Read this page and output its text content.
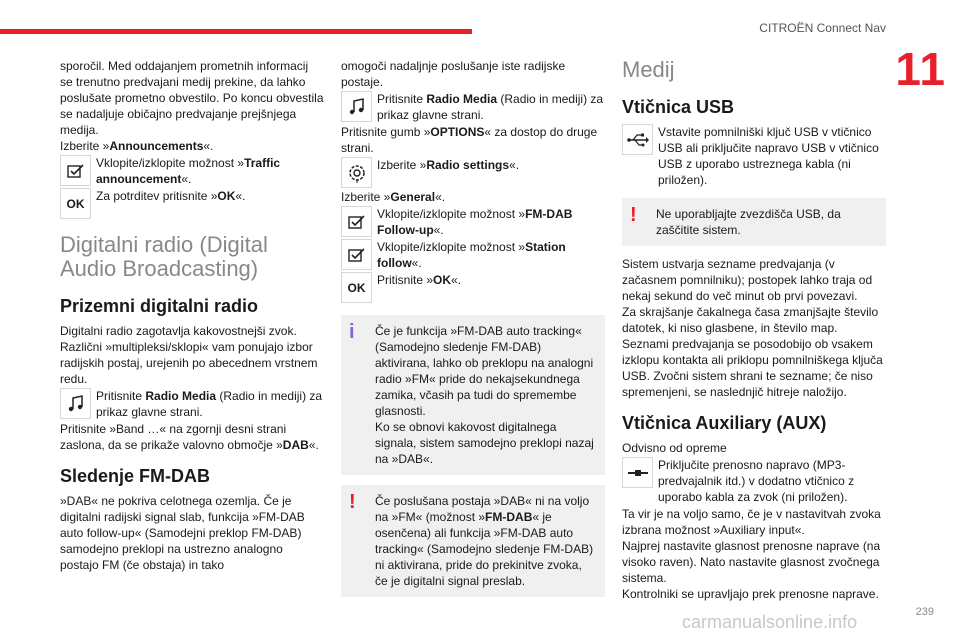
CITROËN Connect Nav
11

sporočil. Med oddajanjem prometnih informacij se trenutno predvajani medij prekine, da lahko poslušate prometno obvestilo. Po koncu obvestila se nadaljuje običajno predvajanje prejšnjega medija.

Izberite »Announcements«.

Vklopite/izklopite možnost »Traffic announcement«.
OK
Za potrditev pritisnite »OK«.
Digitalni radio (Digital Audio Broadcasting)
Prizemni digitalni radio

Digitalni radio zagotavlja kakovostnejši zvok. Različni »multipleksi/sklopi« vam ponujajo izbor radijskih postaj, urejenih po abecednem vrstnem redu.

Pritisnite Radio Media (Radio in mediji) za prikaz glavne strani.

Pritisnite »Band …« na zgornji desni strani zaslona, da se prikaže valovno območje »DAB«.

Sledenje FM-DAB

»DAB« ne pokriva celotnega ozemlja. Če je digitalni radijski signal slab, funkcija »FM-DAB auto follow-up« (Samodejni preklop FM-DAB) samodejno preklopi na ustrezno analogno postajo FM (če obstaja) in tako

omogoči nadaljnje poslušanje iste radijske postaje.

Pritisnite Radio Media (Radio in mediji) za prikaz glavne strani.

Pritisnite gumb »OPTIONS« za dostop do druge strani.

Izberite »Radio settings«.

Izberite »General«.

Vklopite/izklopite možnost »FM-DAB Follow-up«.
Vklopite/izklopite možnost »Station follow«.
OK
Pritisnite »OK«.
i	Če je funkcija »FM-DAB auto tracking« (Samodejno sledenje FM-DAB) aktivirana, lahko ob preklopu na analogni radio »FM« pride do nekajsekundnega zamika, včasih pa tudi do spremembe glasnosti.

Ko se obnovi kakovost digitalnega signala, sistem samodejno preklopi nazaj na »DAB«.

!	Če poslušana postaja »DAB« ni na voljo na »FM« (možnost »FM-DAB« je osenčena) ali funkcija »FM-DAB auto tracking« (Samodejno sledenje FM-DAB) ni aktivirana, pride do prekinitve zvoka, če je digitalni signal preslab.

Medij
Vtičnica USB
Vstavite pomnilniški ključ USB v vtičnico USB ali priključite napravo USB v vtičnico USB z uporabo ustreznega kabla (ni priložen).
!	Ne uporabljajte zvezdišča USB, da zaščitite sistem.

Sistem ustvarja sezname predvajanja (v začasnem pomnilniku); postopek lahko traja od nekaj sekund do več minut ob prvi povezavi.

Za skrajšanje čakalnega časa zmanjšajte število datotek, ki niso glasbene, in število map.

Seznami predvajanja se posodobijo ob vsakem izklopu kontakta ali priklopu pomnilniškega ključa USB. Zvočni sistem shrani te sezname; če niso spremenjeni, se naslednjič hitreje naložijo.

Vtičnica Auxiliary (AUX)

Odvisno od opreme

Priključite prenosno napravo (MP3-predvajalnik itd.) v dodatno vtičnico z uporabo kabla za zvok (ni priložen).

Ta vir je na voljo samo, če je v nastavitvah zvoka izbrana možnost »Auxiliary input«.

Najprej nastavite glasnost prenosne naprave (na visoko raven). Nato nastavite glasnost zvočnega sistema.

Kontrolniki se upravljajo prek prenosne naprave.

239
carmanualsonline.info
